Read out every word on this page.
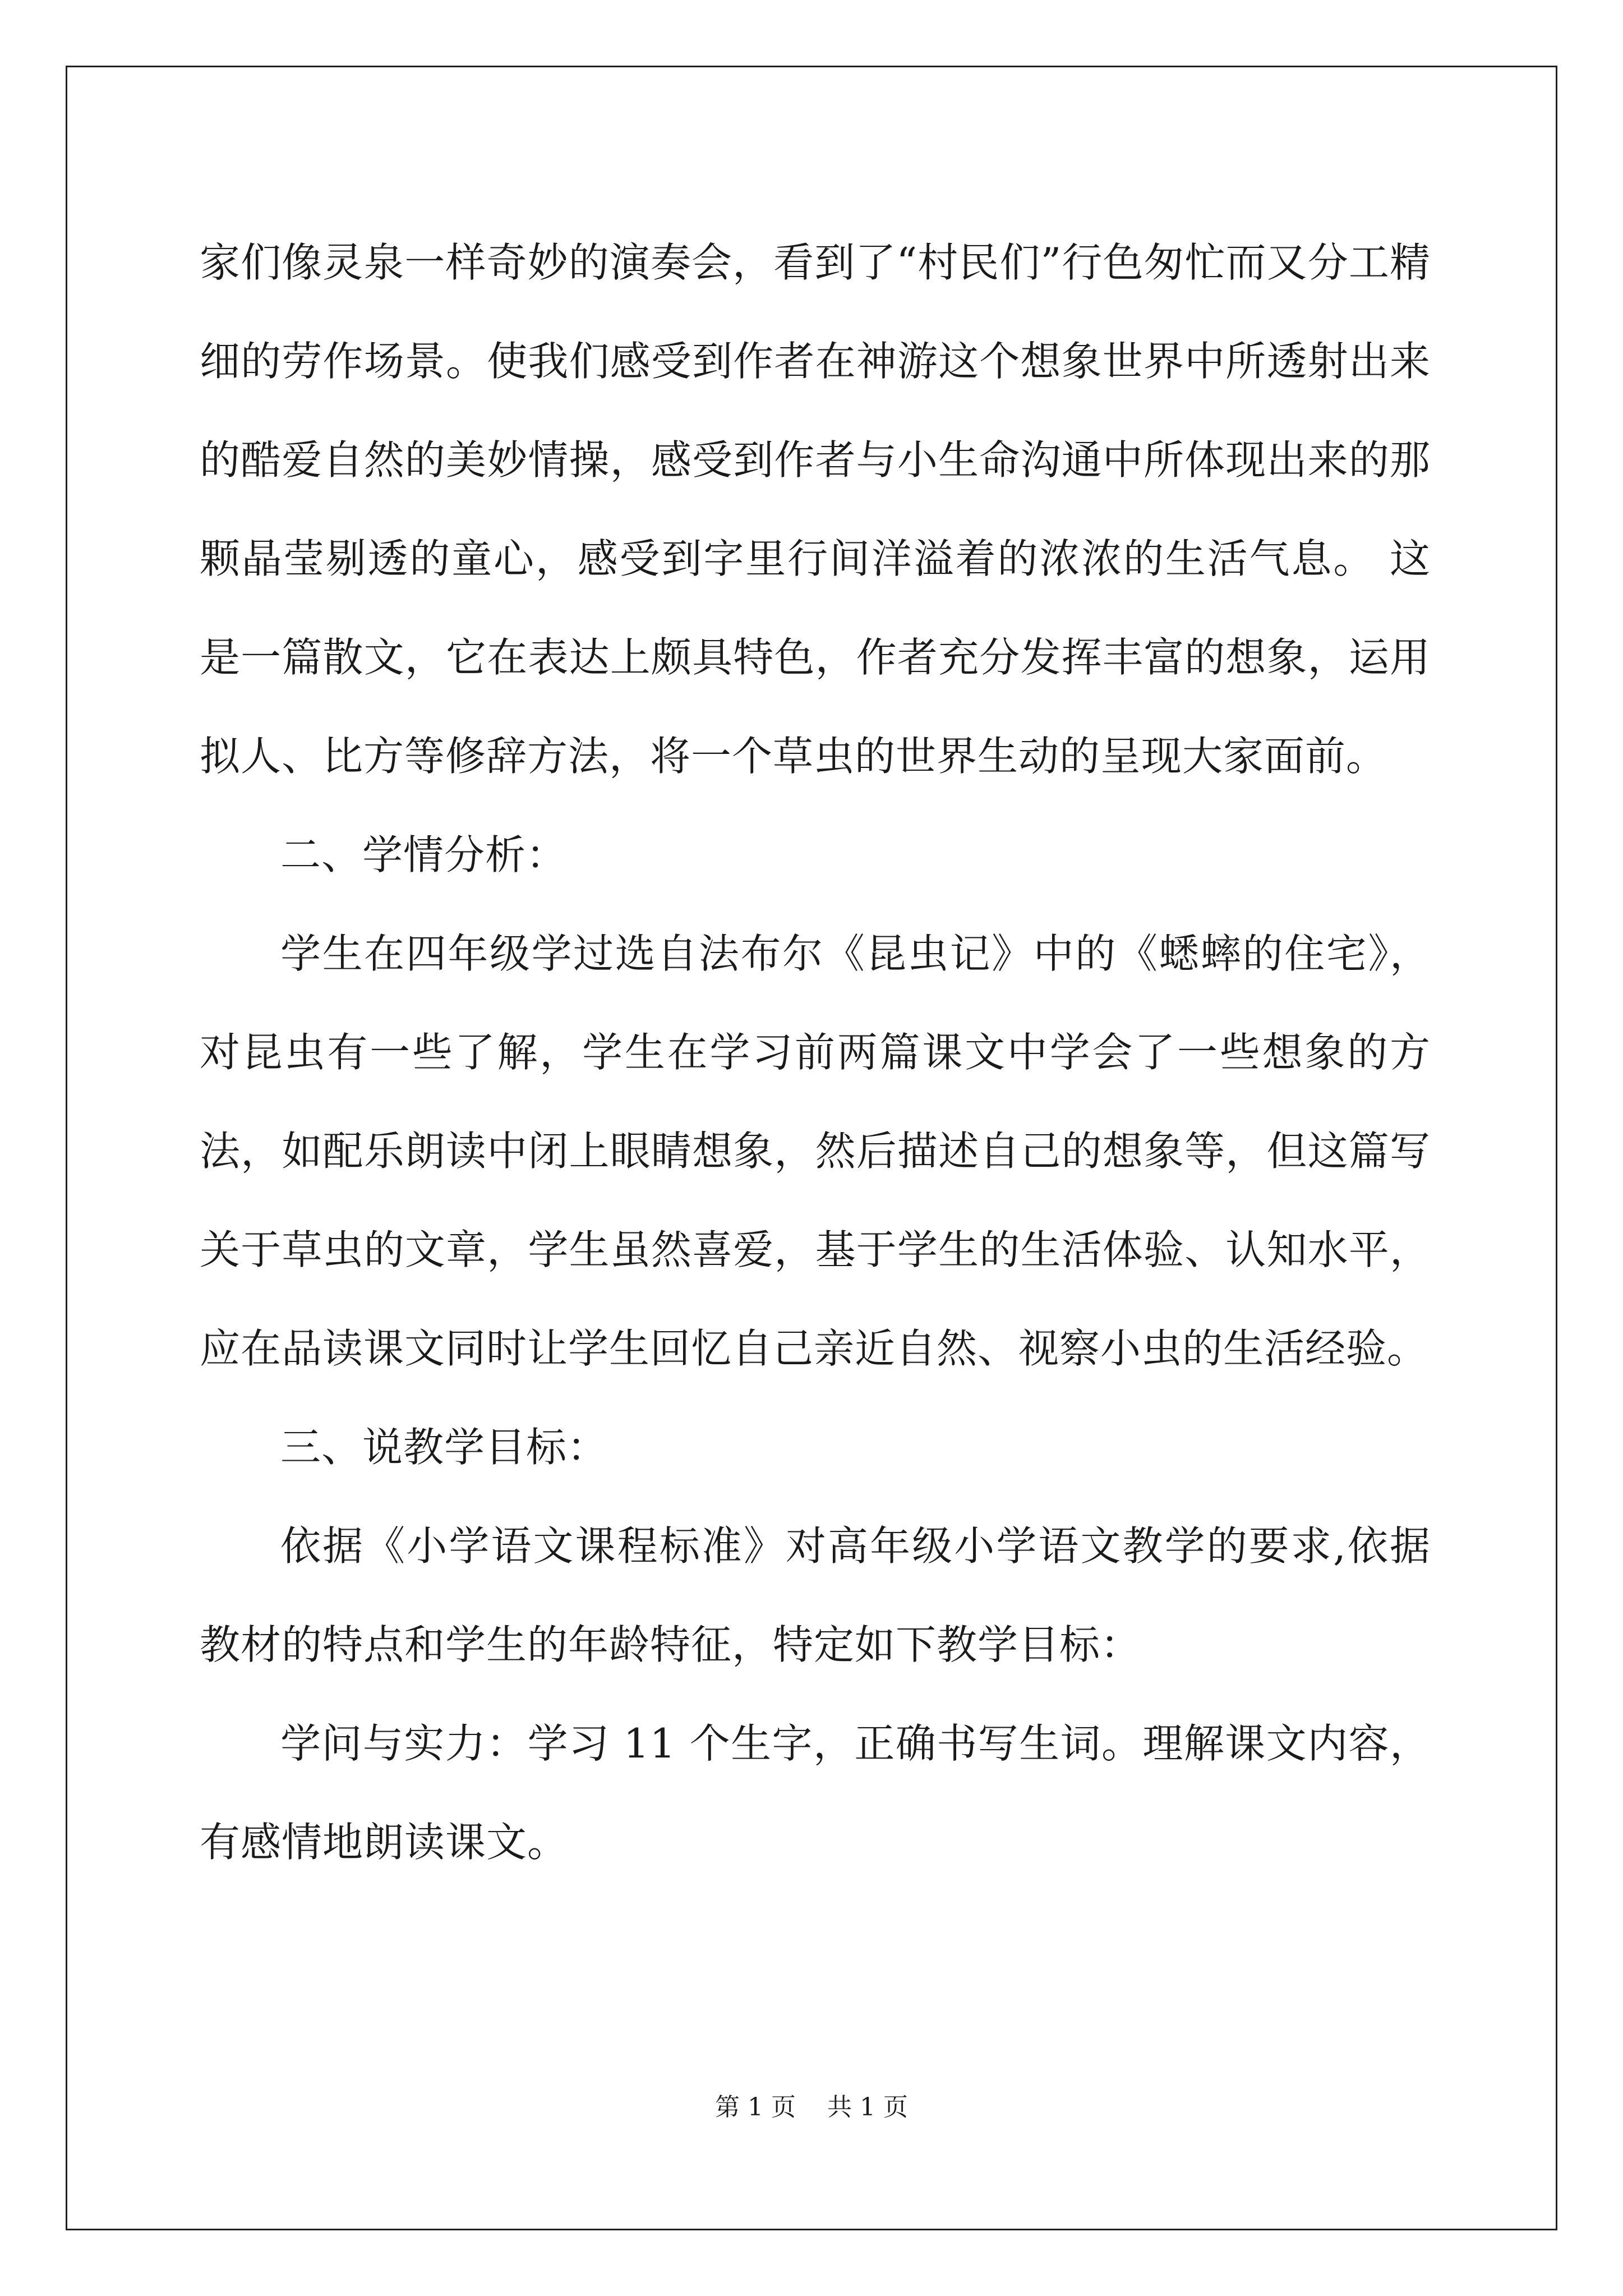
家们像灵泉一样奇妙的演奏会，看到了“村民们”行色匆忙而又分工精细的劳作场景。使我们感受到作者在神游这个想象世界中所透射出来的酷爱自然的美妙情操，感受到作者与小生命沟通中所体现出来的那颗晶莹剔透的童心，感受到字里行间洋溢着的浓浓的生活气息。 这是一篇散文，它在表达上颇具特色，作者充分发挥丰富的想象，运用拟人、比方等修辞方法，将一个草虫的世界生动的呈现大家面前。

二、学情分析：

学生在四年级学过选自法布尔《昆虫记》中的《蟋蟀的住宅》，对昆虫有一些了解，学生在学习前两篇课文中学会了一些想象的方法，如配乐朗读中闭上眼睛想象，然后描述自己的想象等，但这篇写关于草虫的文章，学生虽然喜爱，基于学生的生活体验、认知水平，应在品读课文同时让学生回忆自己亲近自然、视察小虫的生活经验。

三、说教学目标：

依据《小学语文课程标准》对高年级小学语文教学的要求,依据教材的特点和学生的年龄特征，特定如下教学目标：

学问与实力：学习 11 个生字，正确书写生词。理解课文内容，有感情地朗读课文。

第 1 页 共 1 页
